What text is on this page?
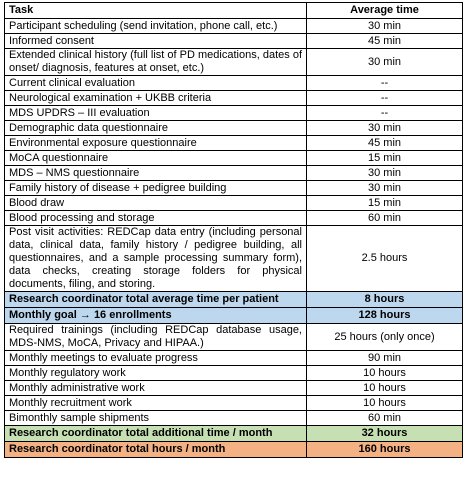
Task	Average time
Participant scheduling (send invitation, phone call, etc.)	30 min
Informed consent	45 min
Extended clinical history (full list of PD medications, dates of onset/ diagnosis, features at onset, etc.)	30 min
Current clinical evaluation	--
Neurological examination + UKBB criteria	--
MDS UPDRS – III evaluation	--
Demographic data questionnaire	30 min
Environmental exposure questionnaire	45 min
MoCA questionnaire	15 min
MDS – NMS questionnaire	30 min
Family history of disease + pedigree building	30 min
Blood draw	15 min
Blood processing and storage	60 min
Post visit activities: REDCap data entry (including personal data, clinical data, family history / pedigree building, all questionnaires, and a sample processing summary form), data checks, creating storage folders for physical documents, filing, and storing.	2.5 hours
Research coordinator total average time per patient	8 hours
Monthly goal → 16 enrollments	128 hours
Required trainings (including REDCap database usage, MDS-NMS, MoCA, Privacy and HIPAA.)	25 hours (only once)
Monthly meetings to evaluate progress	90 min
Monthly regulatory work	10 hours
Monthly administrative work	10 hours
Monthly recruitment work	10 hours
Bimonthly sample shipments	60 min
Research coordinator total additional time / month	32 hours
Research coordinator total hours / month	160 hours
